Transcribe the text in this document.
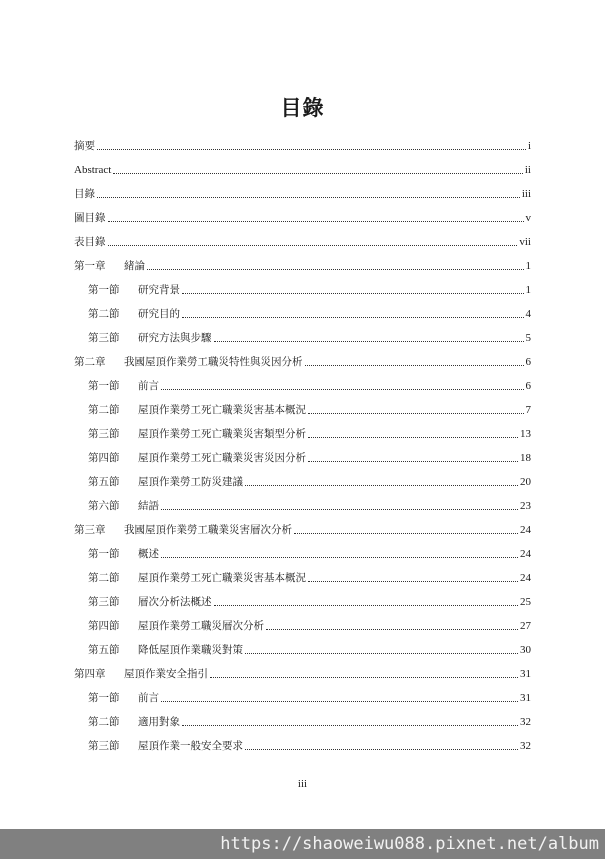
目錄
摘要	i
Abstract	ii
目錄	iii
圖目錄	v
表目錄	vii
第一章	緒論	1
第一節	研究背景	1
第二節	研究目的	4
第三節	研究方法與步驟	5
第二章	我國屋頂作業勞工職災特性與災因分析	6
第一節	前言	6
第二節	屋頂作業勞工死亡職業災害基本概況	7
第三節	屋頂作業勞工死亡職業災害類型分析	13
第四節	屋頂作業勞工死亡職業災害災因分析	18
第五節	屋頂作業勞工防災建議	20
第六節	結語	23
第三章	我國屋頂作業勞工職業災害層次分析	24
第一節	概述	24
第二節	屋頂作業勞工死亡職業災害基本概況	24
第三節	層次分析法概述	25
第四節	屋頂作業勞工職災層次分析	27
第五節	降低屋頂作業職災對策	30
第四章	屋頂作業安全指引	31
第一節	前言	31
第二節	適用對象	32
第三節	屋頂作業一般安全要求	32
iii
https://shaoweiwu088.pixnet.net/album
